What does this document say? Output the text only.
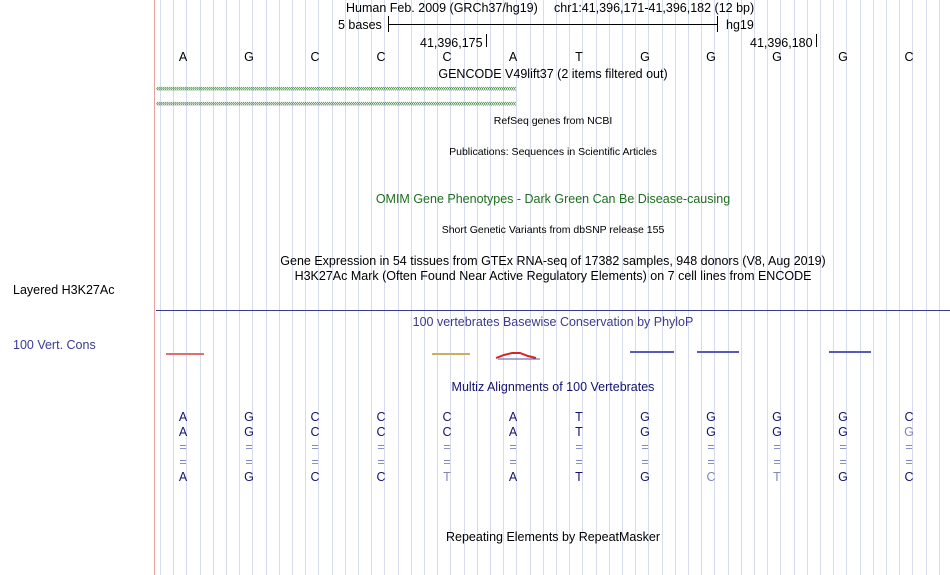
Layered H3K27Ac
100 Vert. Cons
Human Feb. 2009 (GRCh37/hg19) chr1:41,396,171-41,396,182 (12 bp)
5 bases	hg19
41,396,175	41,396,180
A	G	C	C	C	A	T	G	G	G	G	C
GENCODE V49lift37 (2 items filtered out)
‹‹‹‹‹‹‹‹‹‹‹‹‹‹‹‹‹‹‹‹‹‹‹‹‹‹‹‹‹‹‹‹‹‹‹‹‹‹‹‹‹‹‹‹‹‹‹‹‹‹‹‹‹‹‹‹‹‹‹‹‹‹‹‹‹‹‹‹‹‹‹‹‹‹‹‹‹‹‹‹‹‹‹‹‹‹‹‹‹‹‹‹‹‹‹‹‹‹‹‹‹‹‹‹‹‹‹‹‹‹‹‹‹‹‹‹‹‹‹‹‹‹‹‹‹‹‹‹‹‹‹‹‹‹‹‹‹‹‹‹‹‹‹‹‹‹‹‹‹‹‹‹‹‹‹‹‹‹‹‹‹‹‹‹‹‹‹‹‹‹‹‹‹‹‹‹‹‹‹‹
‹‹‹‹‹‹‹‹‹‹‹‹‹‹‹‹‹‹‹‹‹‹‹‹‹‹‹‹‹‹‹‹‹‹‹‹‹‹‹‹‹‹‹‹‹‹‹‹‹‹‹‹‹‹‹‹‹‹‹‹‹‹‹‹‹‹‹‹‹‹‹‹‹‹‹‹‹‹‹‹‹‹‹‹‹‹‹‹‹‹‹‹‹‹‹‹‹‹‹‹‹‹‹‹‹‹‹‹‹‹‹‹‹‹‹‹‹‹‹‹‹‹‹‹‹‹‹‹‹‹‹‹‹‹‹‹‹‹‹‹‹‹‹‹‹‹‹‹‹‹‹‹‹‹‹‹‹‹‹‹‹‹‹‹‹‹‹‹‹‹‹‹‹‹‹‹‹‹‹‹
RefSeq genes from NCBI
Publications: Sequences in Scientific Articles
OMIM Gene Phenotypes - Dark Green Can Be Disease-causing
Short Genetic Variants from dbSNP release 155
Gene Expression in 54 tissues from GTEx RNA-seq of 17382 samples, 948 donors (V8, Aug 2019)
H3K27Ac Mark (Often Found Near Active Regulatory Elements) on 7 cell lines from ENCODE
100 vertebrates Basewise Conservation by PhyloP
Multiz Alignments of 100 Vertebrates
A	G	C	C	C	A	T	G	G	G	G	C
A	G	C	C	C	A	T	G	G	G	G	G
=	=	=	=	=	=	=	=	=	=	=	=
=	=	=	=	=	=	=	=	=	=	=	=
A	G	C	C	T	A	T	G	C	T	G	C
Repeating Elements by RepeatMasker
